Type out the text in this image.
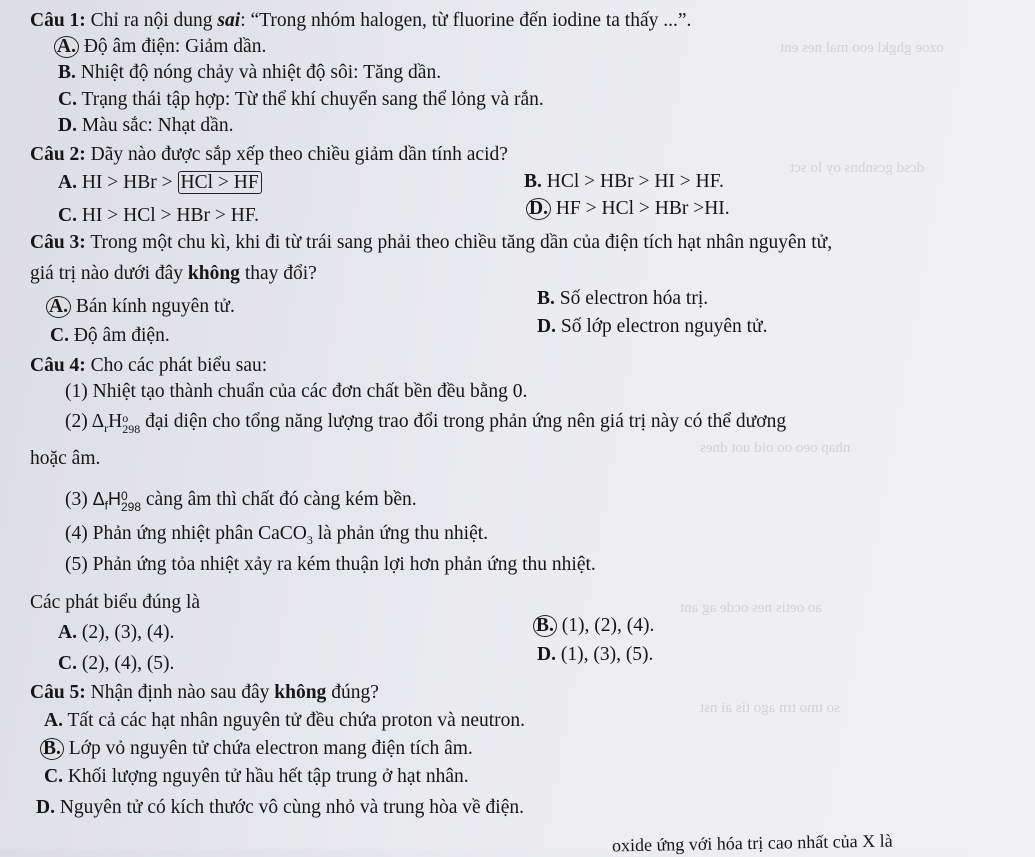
ozoe ghgkl eoo mal nes ent
dcsd gcsnbns oy lo sct
nhap oeo oo oid uot dnes
ao oetis nes ocde ag ant
so tmo trn ago tis ai nst
Câu 1: Chỉ ra nội dung sai: “Trong nhóm halogen, từ fluorine đến iodine ta thấy ...”.
A. Độ âm điện: Giảm dần.
B. Nhiệt độ nóng chảy và nhiệt độ sôi: Tăng dần.
C. Trạng thái tập hợp: Từ thể khí chuyển sang thể lỏng và rắn.
D. Màu sắc: Nhạt dần.
Câu 2: Dãy nào được sắp xếp theo chiều giảm dần tính acid?
A. HI > HBr > HCl > HF	B. HCl > HBr > HI > HF.
C. HI > HCl > HBr > HF.	D. HF > HCl > HBr >HI.
Câu 3: Trong một chu kì, khi đi từ trái sang phải theo chiều tăng dần của điện tích hạt nhân nguyên tử,
giá trị nào dưới đây không thay đổi?
A. Bán kính nguyên tử.	B. Số electron hóa trị.
C. Độ âm điện.	D. Số lớp electron nguyên tử.
Câu 4: Cho các phát biểu sau:
(1) Nhiệt tạo thành chuẩn của các đơn chất bền đều bằng 0.
(2) $\Delta_rHo$
298 đại diện cho tổng năng lượng trao đổi trong phản ứng nên giá trị này có thể dương
hoặc âm.
(3) $\Delta_fH0$
298 càng âm thì chất đó càng kém bền.
(4) Phản ứng nhiệt phân CaCO$_3$ là phản ứng thu nhiệt.
(5) Phản ứng tỏa nhiệt xảy ra kém thuận lợi hơn phản ứng thu nhiệt.
Các phát biểu đúng là
A. (2), (3), (4).	B. (1), (2), (4).
C. (2), (4), (5).	D. (1), (3), (5).
Câu 5: Nhận định nào sau đây không đúng?
A. Tất cả các hạt nhân nguyên tử đều chứa proton và neutron.
B. Lớp vỏ nguyên tử chứa electron mang điện tích âm.
C. Khối lượng nguyên tử hầu hết tập trung ở hạt nhân.
D. Nguyên tử có kích thước vô cùng nhỏ và trung hòa về điện.
oxide ứng với hóa trị cao nhất của X là
